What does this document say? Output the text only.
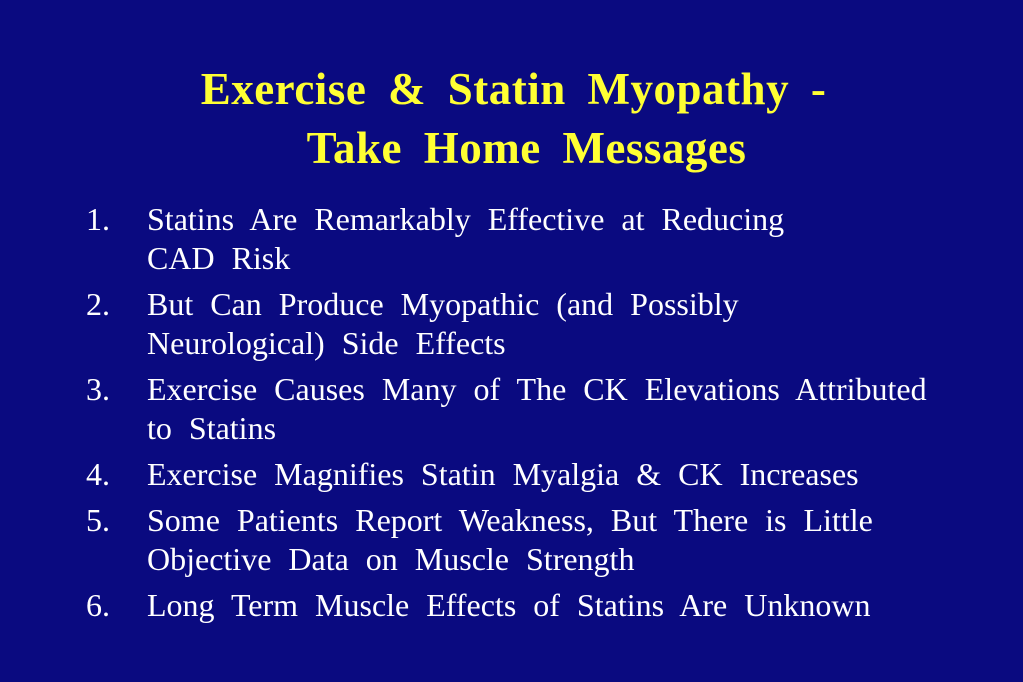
Exercise & Statin Myopathy -
Take Home Messages
1. Statins Are Remarkably Effective at Reducing CAD Risk
2. But Can Produce Myopathic (and Possibly Neurological) Side Effects
3. Exercise Causes Many of The CK Elevations Attributed to Statins
4. Exercise Magnifies Statin Myalgia & CK Increases
5. Some Patients Report Weakness, But There is Little Objective Data on Muscle Strength
6. Long Term Muscle Effects of Statins Are Unknown
